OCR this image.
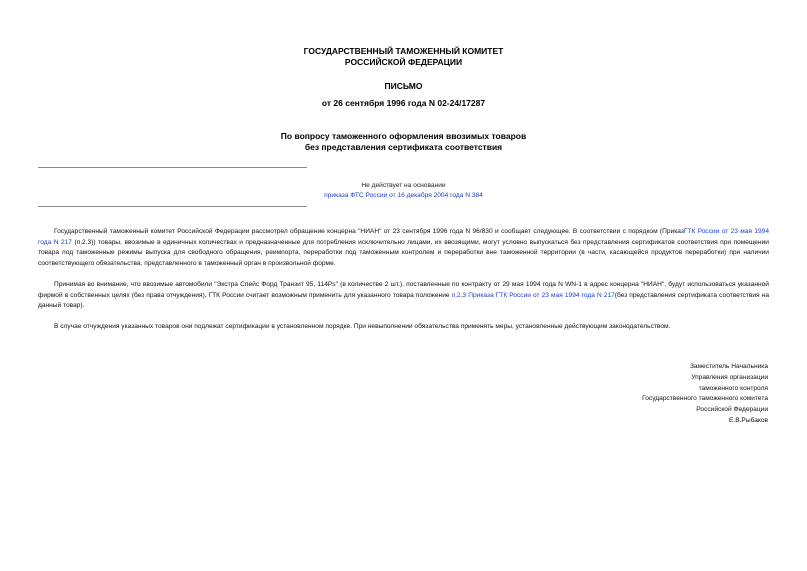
ГОСУДАРСТВЕННЫЙ ТАМОЖЕННЫЙ КОМИТЕТ
РОССИЙСКОЙ ФЕДЕРАЦИИ
ПИСЬМО
от 26 сентября 1996 года N 02-24/17287
По вопросу таможенного оформления ввозимых товаров
без представления сертификата соответствия
Не действует на основании
приказа ФТС России от 16 декабря 2004 года N 384

Государственный таможенный комитет Российской Федерации рассмотрел обращение концерна "НИАН" от 23 сентября 1996 года N 96/830 и сообщает следующее. В соответствии с порядком (ПриказГТК России от 23 мая 1994 года N 217 (п.2.3)) товары, ввозимые в единичных количествах и предназначенные для потребления исключительно лицами, их ввозящими, могут условно выпускаться без представления сертификатов соответствия при помещении товара под таможенные режимы выпуска для свободного обращения, реимпорта, переработки под таможенным контролем и переработки вне таможенной территории (в части, касающейся продуктов переработки) при наличии соответствующего обязательства, представленного в таможенный орган в произвольной форме.

Принимая во внимание, что ввозимые автомобили "Экстра Спейс Форд Транзит 95, 114Ps" (в количестве 2 шт.), поставленные по контракту от 29 мая 1994 года N WN-1 в адрес концерна "НИАН", будут использоваться указанной фирмой в собственных целях (без права отчуждения), ГТК России считает возможным применить для указанного товара положение п.2.3 Приказа ГТК России от 23 мая 1994 года N 217(без представления сертификата соответствия на данный товар).

В случае отчуждения указанных товаров они подлежат сертификации в установленном порядке. При невыполнении обязательства применять меры, установленные действующим законодательством.

Заместитель Начальника
Управления организации
таможенного контроля
Государственного таможенного комитета
Российской Федерации
Е.В.Рыбаков
